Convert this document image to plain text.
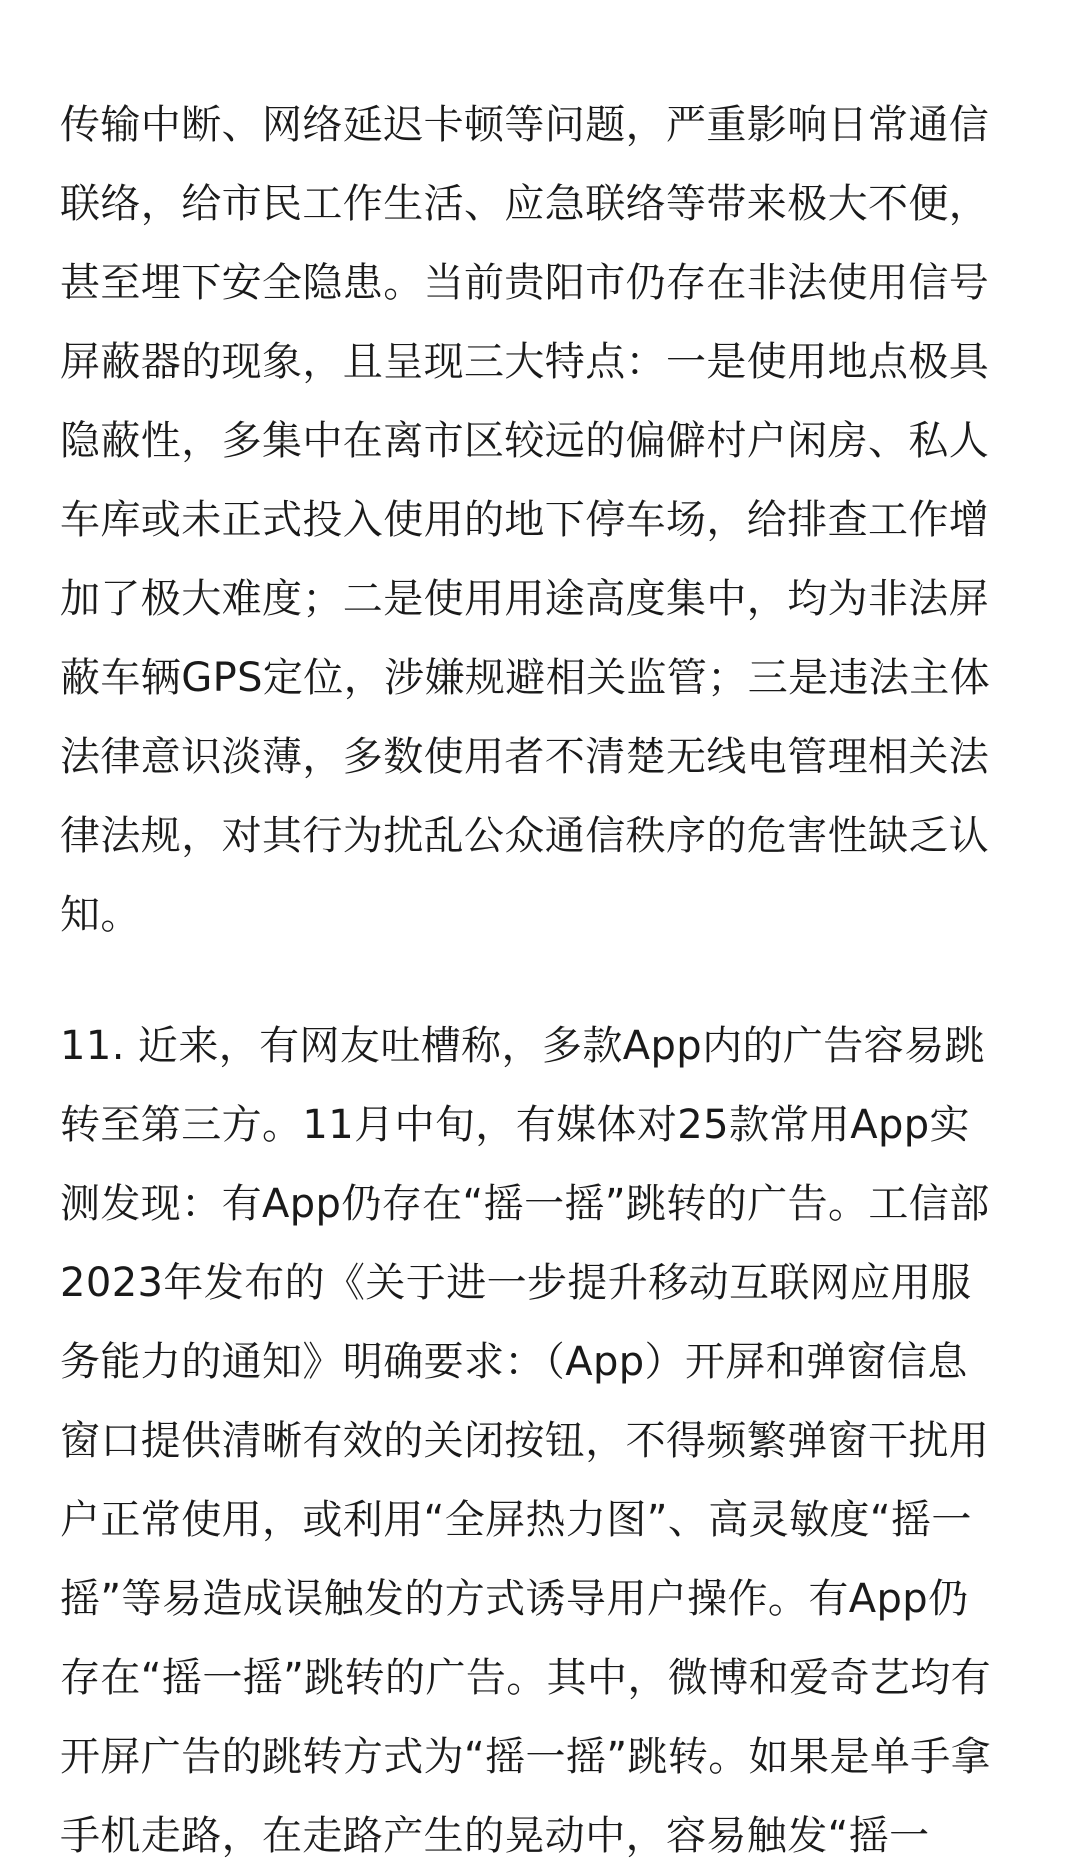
传输中断、网络延迟卡顿等问题，严重影响日常通信
联络，给市民工作生活、应急联络等带来极大不便，
甚至埋下安全隐患。当前贵阳市仍存在非法使用信号
屏蔽器的现象，且呈现三大特点：一是使用地点极具
隐蔽性，多集中在离市区较远的偏僻村户闲房、私人
车库或未正式投入使用的地下停车场，给排查工作增
加了极大难度；二是使用用途高度集中，均为非法屏
蔽车辆GPS定位，涉嫌规避相关监管；三是违法主体
法律意识淡薄，多数使用者不清楚无线电管理相关法
律法规，对其行为扰乱公众通信秩序的危害性缺乏认
知。
11. 近来，有网友吐槽称，多款App内的广告容易跳
转至第三方。11月中旬，有媒体对25款常用App实
测发现：有App仍存在“摇一摇”跳转的广告。工信部
2023年发布的《关于进一步提升移动互联网应用服
务能力的通知》明确要求：（App）开屏和弹窗信息
窗口提供清晰有效的关闭按钮，不得频繁弹窗干扰用
户正常使用，或利用“全屏热力图”、高灵敏度“摇一
摇”等易造成误触发的方式诱导用户操作。有App仍
存在“摇一摇”跳转的广告。其中，微博和爱奇艺均有
开屏广告的跳转方式为“摇一摇”跳转。如果是单手拿
手机走路，在走路产生的晃动中，容易触发“摇一
